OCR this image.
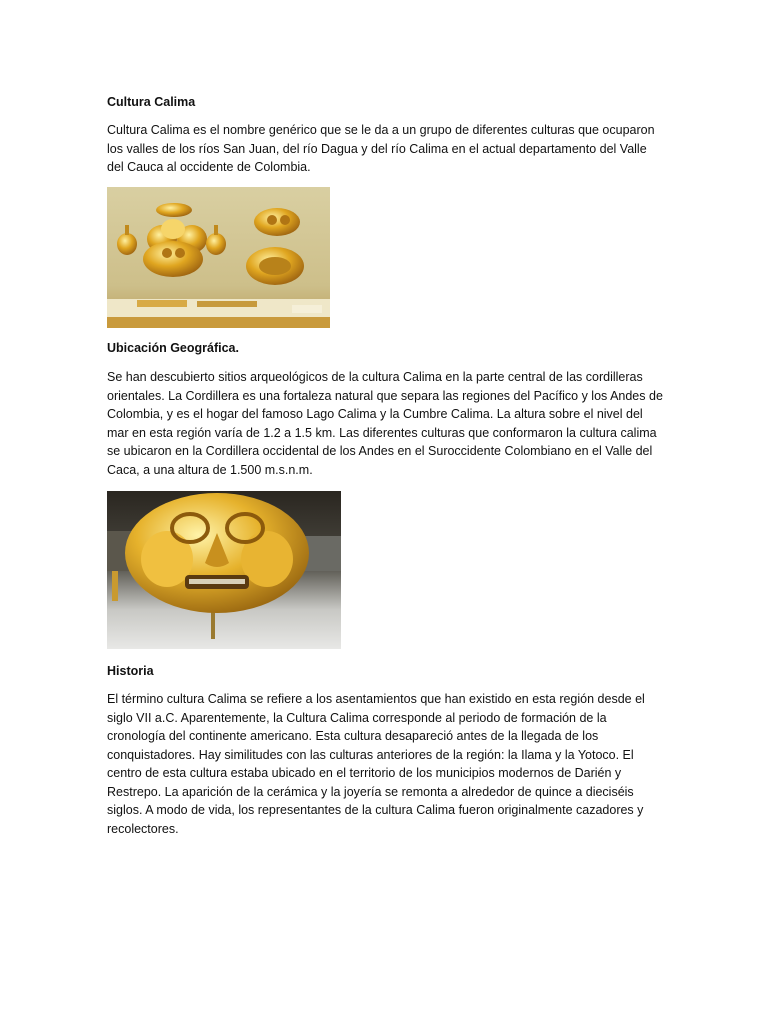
Cultura Calima
Cultura Calima es el nombre genérico que se le da a un grupo de diferentes culturas que ocuparon
los valles de los ríos San Juan, del río Dagua y del río Calima en el actual departamento del Valle
del Cauca al occidente de Colombia.
Ubicación Geográfica.
Se han descubierto sitios arqueológicos de la cultura Calima en la parte central de las cordilleras
orientales. La Cordillera es una fortaleza natural que separa las regiones del Pacífico y los Andes de
Colombia, y es el hogar del famoso Lago Calima y la Cumbre Calima. La altura sobre el nivel del
mar en esta región varía de 1.2 a 1.5 km. Las diferentes culturas que conformaron la cultura calima
se ubicaron en la Cordillera occidental de los Andes en el Suroccidente Colombiano en el Valle del
Caca, a una altura de 1.500 m.s.n.m.
Historia
El término cultura Calima se refiere a los asentamientos que han existido en esta región desde el
siglo VII a.C. Aparentemente, la Cultura Calima corresponde al periodo de formación de la
cronología del continente americano. Esta cultura desapareció antes de la llegada de los
conquistadores. Hay similitudes con las culturas anteriores de la región: la Ilama y la Yotoco. El
centro de esta cultura estaba ubicado en el territorio de los municipios modernos de Darién y
Restrepo. La aparición de la cerámica y la joyería se remonta a alrededor de quince a dieciséis
siglos. A modo de vida, los representantes de la cultura Calima fueron originalmente cazadores y
recolectores.
